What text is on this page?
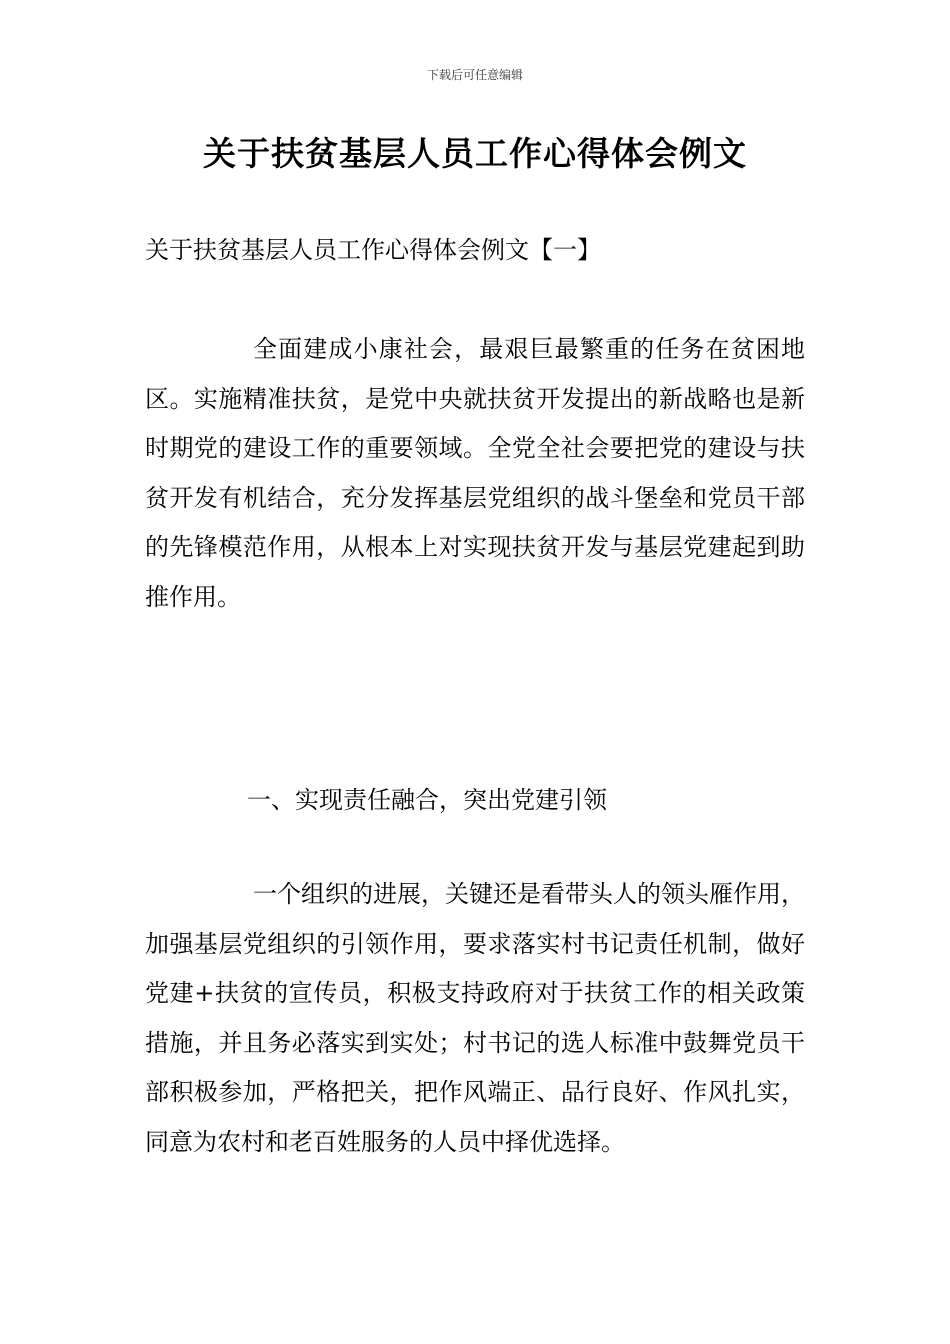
下载后可任意编辑
关于扶贫基层人员工作心得体会例文
关于扶贫基层人员工作心得体会例文【一】

全面建成小康社会，最艰巨最繁重的任务在贫困地区。实施精准扶贫，是党中央就扶贫开发提出的新战略也是新时期党的建设工作的重要领域。全党全社会要把党的建设与扶贫开发有机结合，充分发挥基层党组织的战斗堡垒和党员干部的先锋模范作用，从根本上对实现扶贫开发与基层党建起到助推作用。

一、实现责任融合，突出党建引领

一个组织的进展，关键还是看带头人的领头雁作用，加强基层党组织的引领作用，要求落实村书记责任机制，做好党建+扶贫的宣传员，积极支持政府对于扶贫工作的相关政策措施，并且务必落实到实处；村书记的选人标准中鼓舞党员干部积极参加，严格把关，把作风端正、品行良好、作风扎实，同意为农村和老百姓服务的人员中择优选择。
